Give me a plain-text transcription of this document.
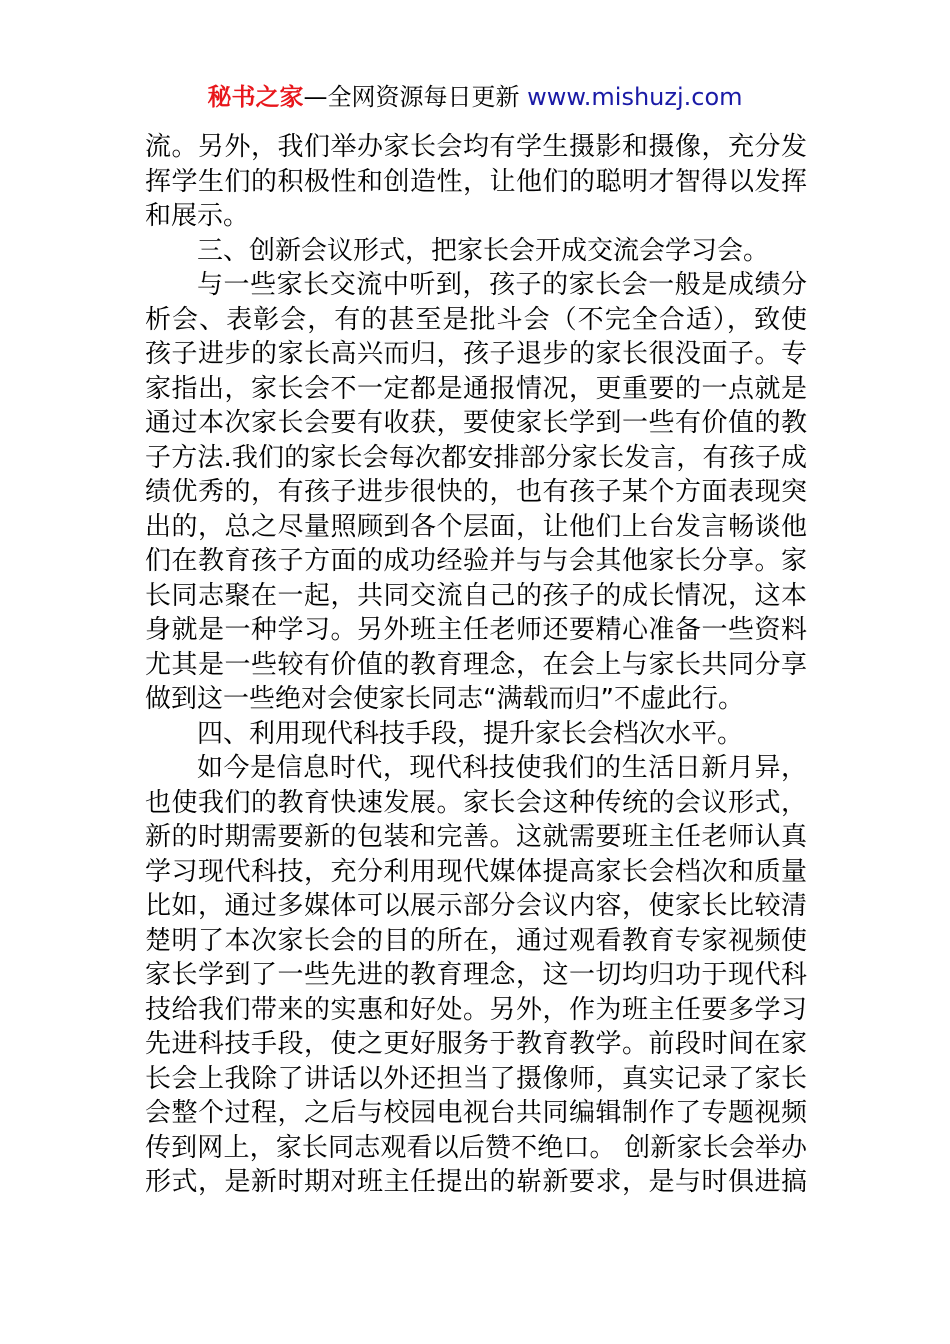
秘书之家—全网资源每日更新 www.mishuzj.com
流。另外，我们举办家长会均有学生摄影和摄像，充分发
挥学生们的积极性和创造性，让他们的聪明才智得以发挥
和展示。
三、创新会议形式，把家长会开成交流会学习会。
与一些家长交流中听到，孩子的家长会一般是成绩分
析会、表彰会，有的甚至是批斗会（不完全合适），致使
孩子进步的家长高兴而归，孩子退步的家长很没面子。专
家指出，家长会不一定都是通报情况，更重要的一点就是
通过本次家长会要有收获，要使家长学到一些有价值的教
子方法.我们的家长会每次都安排部分家长发言，有孩子成
绩优秀的，有孩子进步很快的，也有孩子某个方面表现突
出的，总之尽量照顾到各个层面，让他们上台发言畅谈他
们在教育孩子方面的成功经验并与与会其他家长分享。家
长同志聚在一起，共同交流自己的孩子的成长情况，这本
身就是一种学习。另外班主任老师还要精心准备一些资料
尤其是一些较有价值的教育理念，在会上与家长共同分享
做到这一些绝对会使家长同志“满载而归”不虚此行。
四、利用现代科技手段，提升家长会档次水平。
如今是信息时代，现代科技使我们的生活日新月异，
也使我们的教育快速发展。家长会这种传统的会议形式，
新的时期需要新的包装和完善。这就需要班主任老师认真
学习现代科技，充分利用现代媒体提高家长会档次和质量
比如，通过多媒体可以展示部分会议内容，使家长比较清
楚明了本次家长会的目的所在，通过观看教育专家视频使
家长学到了一些先进的教育理念，这一切均归功于现代科
技给我们带来的实惠和好处。另外，作为班主任要多学习
先进科技手段，使之更好服务于教育教学。前段时间在家
长会上我除了讲话以外还担当了摄像师，真实记录了家长
会整个过程，之后与校园电视台共同编辑制作了专题视频
传到网上，家长同志观看以后赞不绝口。 创新家长会举办
形式，是新时期对班主任提出的崭新要求，是与时俱进搞
